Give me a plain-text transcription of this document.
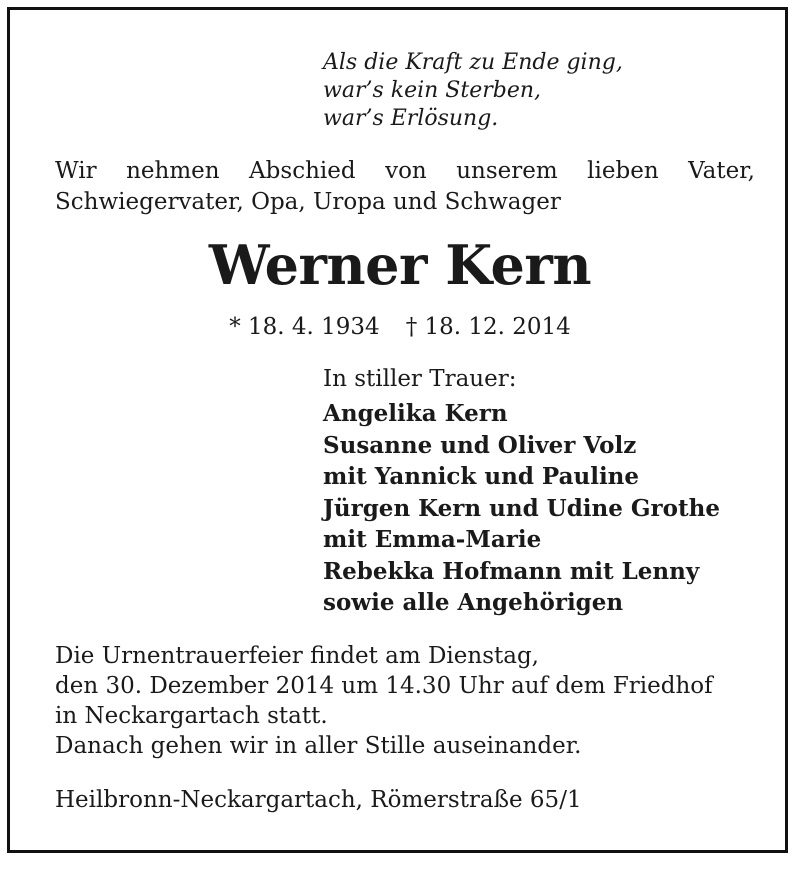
Als die Kraft zu Ende ging,
war’s kein Sterben,
war’s Erlösung.
Wir nehmen Abschied von unserem lieben Vater,
Schwiegervater, Opa, Uropa und Schwager
Werner Kern
* 18. 4. 1934 † 18. 12. 2014
In stiller Trauer:
Angelika Kern
Susanne und Oliver Volz
mit Yannick und Pauline
Jürgen Kern und Udine Grothe
mit Emma-Marie
Rebekka Hofmann mit Lenny
sowie alle Angehörigen
Die Urnentrauerfeier findet am Dienstag,
den 30. Dezember 2014 um 14.30 Uhr auf dem Friedhof
in Neckargartach statt.
Danach gehen wir in aller Stille auseinander.
Heilbronn-Neckargartach, Römerstraße 65/1
